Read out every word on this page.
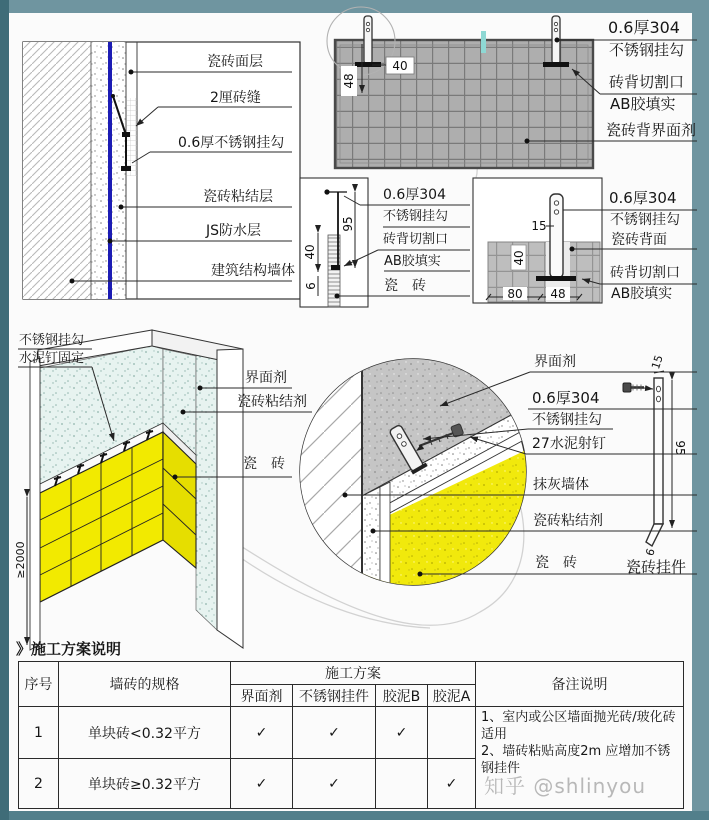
40
48
95
40
6
15
40
80 48
≥2000
15
95
6
瓷砖面层
2厘砖缝
0.6厚不锈钢挂勾
瓷砖粘结层
JS防水层
建筑结构墙体
0.6厚304
不锈钢挂勾
砖背切割口
AB胶填实
瓷砖背界面剂
0.6厚304
不锈钢挂勾
砖背切割口
AB胶填实
瓷　砖
0.6厚304
不锈钢挂勾
瓷砖背面
砖背切割口
AB胶填实
不锈钢挂勾
水泥钉固定
界面剂
瓷砖粘结剂
瓷　砖
界面剂
0.6厚304
不锈钢挂勾
27水泥射钉
抹灰墙体
瓷砖粘结剂
瓷　砖	瓷砖挂件
》施工方案说明
序号	墙砖的规格	施工方案				备注说明
		界面剂	不锈钢挂件	胶泥B	胶泥A	
1	单块砖<0.32平方	✓	✓	✓		1、室内或公区墙面抛光砖/玻化砖适用
2、墙砖粘贴高度2m 应增加不锈钢挂件

2	单块砖≥0.32平方	✓	✓		✓	知乎 @shlinyou
